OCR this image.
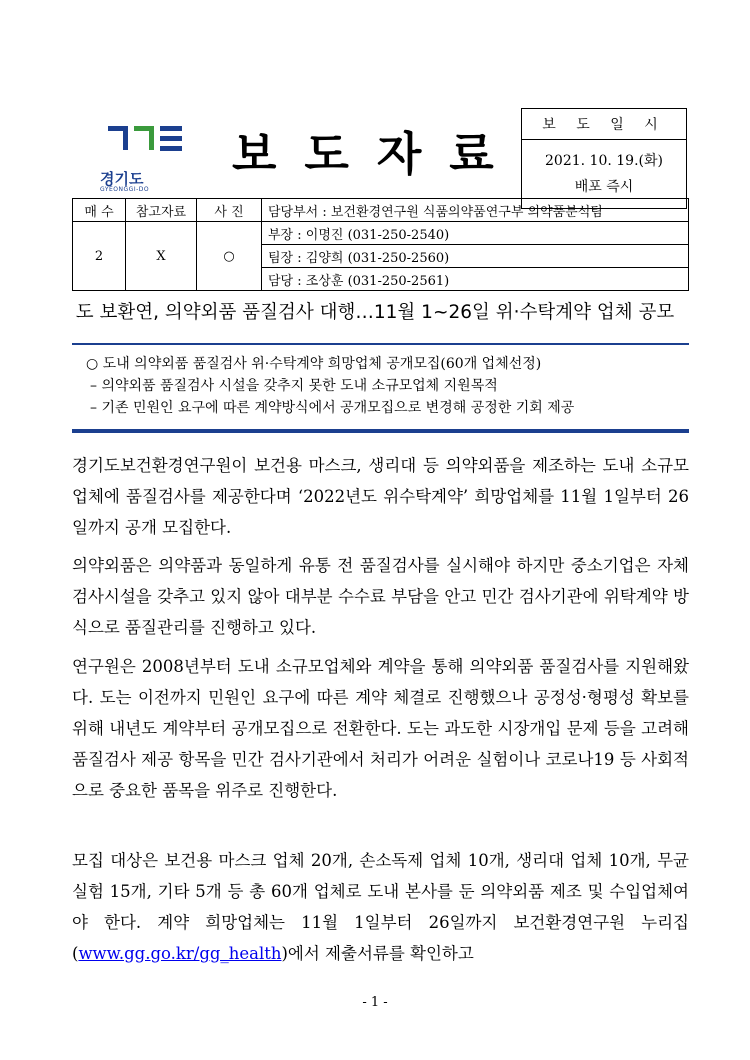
경기도
GYEONGGI-DO
보도자료
보 도 일 시

2021. 10. 19.(화)
배포 즉시
매 수	참고자료	사 진	담당부서 : 보건환경연구원 식품의약품연구부 의약품분석팀
2	X	○	부장 : 이명진 (031-250-2540)
			팀장 : 김양희 (031-250-2560)
			담당 : 조상훈 (031-250-2561)
도 보환연, 의약외품 품질검사 대행…11월 1~26일 위·수탁계약 업체 공모
○ 도내 의약외품 품질검사 위·수탁계약 희망업체 공개모집(60개 업체선정)
– 의약외품 품질검사 시설을 갖추지 못한 도내 소규모업체 지원목적
– 기존 민원인 요구에 따른 계약방식에서 공개모집으로 변경해 공정한 기회 제공
경기도보건환경연구원이 보건용 마스크, 생리대 등 의약외품을 제조하는 도내 소규모업체에 품질검사를 제공한다며 ‘2022년도 위수탁계약’ 희망업체를 11월 1일부터 26일까지 공개 모집한다.
의약외품은 의약품과 동일하게 유통 전 품질검사를 실시해야 하지만 중소기업은 자체 검사시설을 갖추고 있지 않아 대부분 수수료 부담을 안고 민간 검사기관에 위탁계약 방식으로 품질관리를 진행하고 있다.
연구원은 2008년부터 도내 소규모업체와 계약을 통해 의약외품 품질검사를 지원해왔다. 도는 이전까지 민원인 요구에 따른 계약 체결로 진행했으나 공정성·형평성 확보를 위해 내년도 계약부터 공개모집으로 전환한다. 도는 과도한 시장개입 문제 등을 고려해 품질검사 제공 항목을 민간 검사기관에서 처리가 어려운 실험이나 코로나19 등 사회적으로 중요한 품목을 위주로 진행한다.
모집 대상은 보건용 마스크 업체 20개, 손소독제 업체 10개, 생리대 업체 10개, 무균실험 15개, 기타 5개 등 총 60개 업체로 도내 본사를 둔 의약외품 제조 및 수입업체여야 한다. 계약 희망업체는 11월 1일부터 26일까지 보건환경연구원 누리집(www.gg.go.kr/gg_health)에서 제출서류를 확인하고
- 1 -
